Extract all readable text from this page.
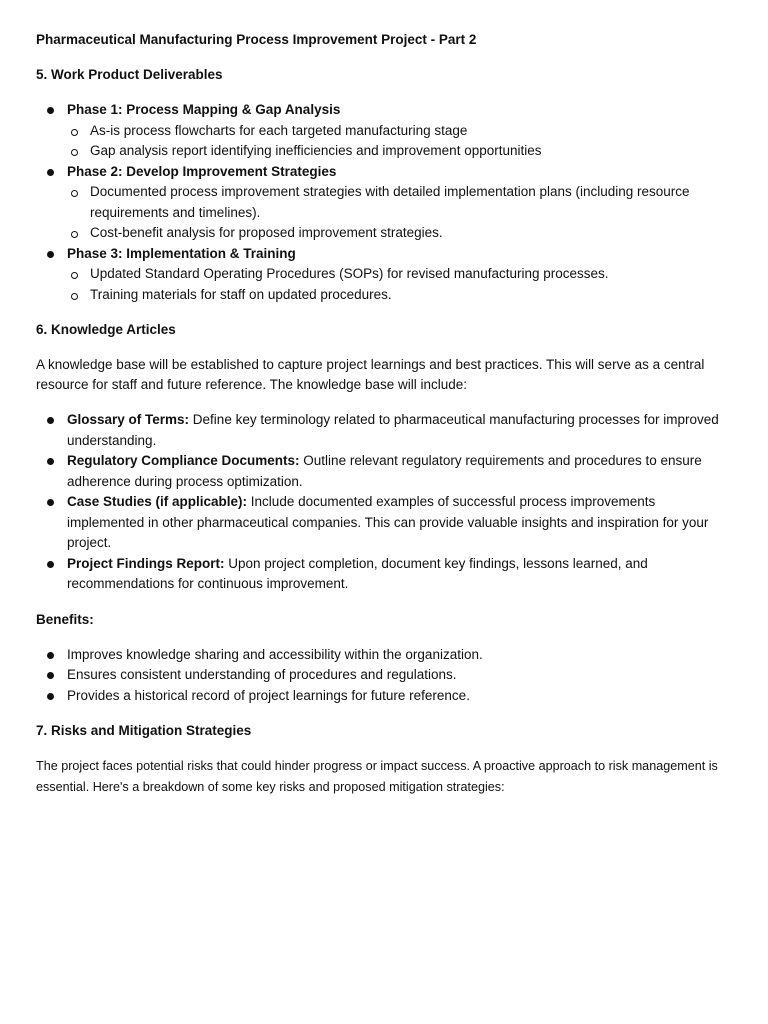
Pharmaceutical Manufacturing Process Improvement Project - Part 2
5. Work Product Deliverables
Phase 1: Process Mapping & Gap Analysis
As-is process flowcharts for each targeted manufacturing stage
Gap analysis report identifying inefficiencies and improvement opportunities
Phase 2: Develop Improvement Strategies
Documented process improvement strategies with detailed implementation plans (including resource requirements and timelines).
Cost-benefit analysis for proposed improvement strategies.
Phase 3: Implementation & Training
Updated Standard Operating Procedures (SOPs) for revised manufacturing processes.
Training materials for staff on updated procedures.
6. Knowledge Articles

A knowledge base will be established to capture project learnings and best practices. This will serve as a central resource for staff and future reference. The knowledge base will include:

Glossary of Terms: Define key terminology related to pharmaceutical manufacturing processes for improved understanding.
Regulatory Compliance Documents: Outline relevant regulatory requirements and procedures to ensure adherence during process optimization.
Case Studies (if applicable): Include documented examples of successful process improvements implemented in other pharmaceutical companies. This can provide valuable insights and inspiration for your project.
Project Findings Report: Upon project completion, document key findings, lessons learned, and recommendations for continuous improvement.
Benefits:
Improves knowledge sharing and accessibility within the organization.
Ensures consistent understanding of procedures and regulations.
Provides a historical record of project learnings for future reference.
7. Risks and Mitigation Strategies

The project faces potential risks that could hinder progress or impact success. A proactive approach to risk management is essential. Here's a breakdown of some key risks and proposed mitigation strategies:
